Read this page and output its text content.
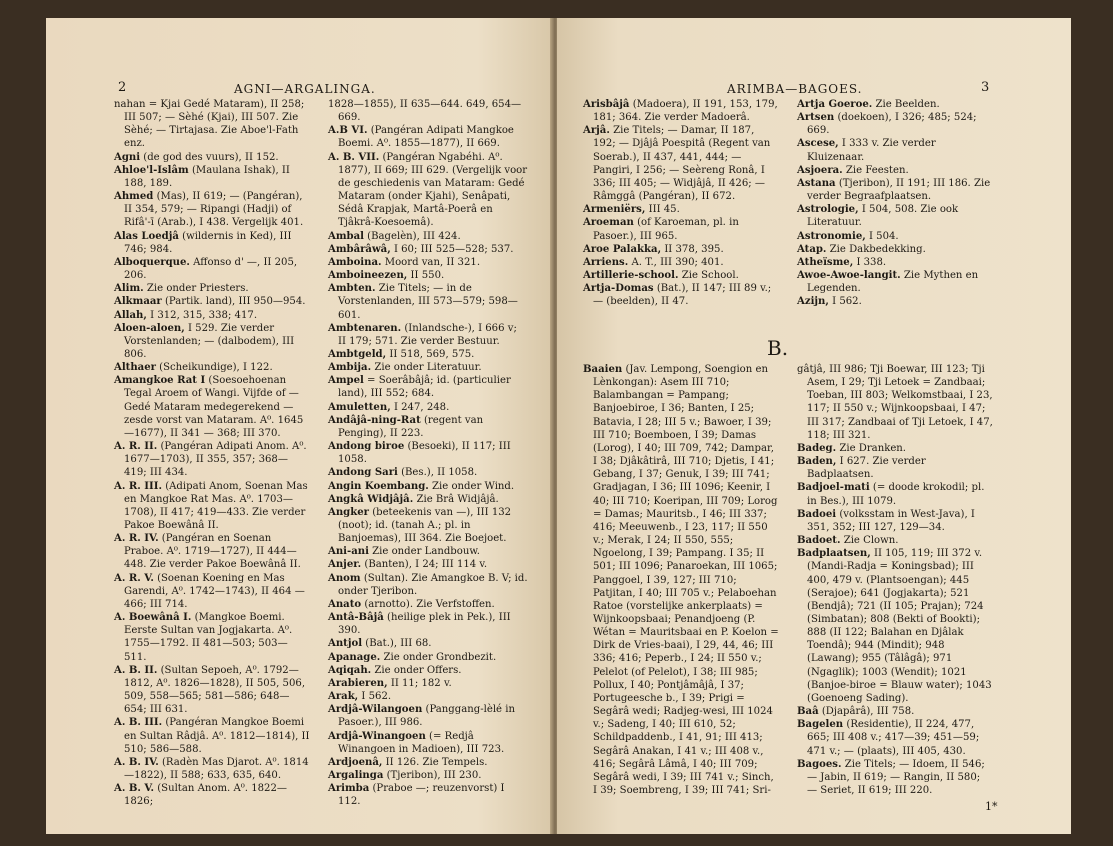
2	AGNI—ARGALINGA.

nahan = Kjai Gedé Mataram), II 258; III 507; — Sèhé (Kjai), III 507. Zie Sèhé; — Tirtajasa. Zie Aboe'l-Fath enz.

Agni (de god des vuurs), II 152.

Ahloe'l-Islâm (Maulana Ishak), II 188, 189.

Ahmed (Mas), II 619; — (Pangéran), II 354, 579; — Ripangi (Hadji) of Rifâ'-ī (Arab.), I 438. Vergelijk 401.

Alas Loedjâ (wildernis in Ked), III 746; 984.

Alboquerque. Affonso d' —, II 205, 206.

Alim. Zie onder Priesters.

Alkmaar (Partik. land), III 950—954.

Allah, I 312, 315, 338; 417.

Aloen-aloen, I 529. Zie verder Vorstenlanden; — (dalbodem), III 806.

Althaer (Scheikundige), I 122.

Amangkoe Rat I (Soesoehoenan Tegal Aroem of Wangi. Vijfde of — Gedé Mataram medegerekend — zesde vorst van Mataram. A⁰. 1645—1677), II 341 — 368; III 370.

A. R. II. (Pangéran Adipati Anom. A⁰. 1677—1703), II 355, 357; 368—419; III 434.

A. R. III. (Adipati Anom, Soenan Mas en Mangkoe Rat Mas. A⁰. 1703—1708), II 417; 419—433. Zie verder Pakoe Boewânâ II.

A. R. IV. (Pangéran en Soenan Praboe. A⁰. 1719—1727), II 444—448. Zie verder Pakoe Boewânâ II.

A. R. V. (Soenan Koening en Mas Garendi, A⁰. 1742—1743), II 464 — 466; III 714.

A. Boewânâ I. (Mangkoe Boemi. Eerste Sultan van Jogjakarta. A⁰. 1755—1792. II 481—503; 503—511.

A. B. II. (Sultan Sepoeh, A⁰. 1792—1812, A⁰. 1826—1828), II 505, 506, 509, 558—565; 581—586; 648—654; III 631.

A. B. III. (Pangéran Mangkoe Boemi en Sultan Râdjâ. A⁰. 1812—1814), II 510; 586—588.

A. B. IV. (Radèn Mas Djarot. A⁰. 1814—1822), II 588; 633, 635, 640.

A. B. V. (Sultan Anom. A⁰. 1822—1826;

1828—1855), II 635—644. 649, 654—669.

A.B VI. (Pangéran Adipati Mangkoe Boemi. A⁰. 1855—1877), II 669.

A. B. VII. (Pangéran Ngabéhi. A⁰. 1877), II 669; III 629. (Vergelijk voor de geschiedenis van Mataram: Gedé Mataram (onder Kjahi), Senâpati, Sédâ Krapjak, Martâ-Poerâ en Tjâkrâ-Koesoemâ).

Ambal (Bagelèn), III 424.

Ambârâwâ, I 60; III 525—528; 537.

Amboina. Moord van, II 321.

Amboineezen, II 550.

Ambten. Zie Titels; — in de Vorstenlanden, III 573—579; 598—601.

Ambtenaren. (Inlandsche-), I 666 v; II 179; 571. Zie verder Bestuur.

Ambtgeld, II 518, 569, 575.

Ambija. Zie onder Literatuur.

Ampel = Soerâbâjâ; id. (particulier land), III 552; 684.

Amuletten, I 247, 248.

Andâjâ-ning-Rat (regent van Penging), II 223.

Andong biroe (Besoeki), II 117; III 1058.

Andong Sari (Bes.), II 1058.

Angin Koembang. Zie onder Wind.

Angkâ Widjâjâ. Zie Brâ Widjâjâ.

Angker (beteekenis van —), III 132 (noot); id. (tanah A.; pl. in Banjoemas), III 364. Zie Boejoet.

Ani-ani Zie onder Landbouw.

Anjer. (Banten), I 24; III 114 v.

Anom (Sultan). Zie Amangkoe B. V; id. onder Tjeribon.

Anato (arnotto). Zie Verfstoffen.

Antâ-Bâjâ (heilige plek in Pek.), III 390.

Antjol (Bat.), III 68.

Apanage. Zie onder Grondbezit.

Aqiqah. Zie onder Offers.

Arabieren, II 11; 182 v.

Arak, I 562.

Ardjâ-Wilangoen (Panggang-lèlé in Pasoer.), III 986.

Ardjâ-Winangoen (= Redjâ Winangoen in Madioen), III 723.

Ardjoenâ, II 126. Zie Tempels.

Argalinga (Tjeribon), III 230.

Arimba (Praboe —; reuzenvorst) I 112.

ARIMBA—BAGOES.	3

Arisbâjâ (Madoera), II 191, 153, 179, 181; 364. Zie verder Madoerâ.

Arjâ. Zie Titels; — Damar, II 187, 192; — Djâjâ Poespitâ (Regent van Soerab.), II 437, 441, 444; — Pangiri, I 256; — Seèreng Ronâ, I 336; III 405; — Widjâjâ, II 426; — Râmggâ (Pangéran), II 672.

Armeniërs, III 45.

Aroeman (of Karoeman, pl. in Pasoer.), III 965.

Aroe Palakka, II 378, 395.

Arriens. A. T., III 390; 401.

Artillerie-school. Zie School.

Artja-Domas (Bat.), II 147; III 89 v.; — (beelden), II 47.

Artja Goeroe. Zie Beelden.

Artsen (doekoen), I 326; 485; 524; 669.

Ascese, I 333 v. Zie verder Kluizenaar.

Asjoera. Zie Feesten.

Astana (Tjeribon), II 191; III 186. Zie verder Begraafplaatsen.

Astrologie, I 504, 508. Zie ook Literatuur.

Astronomie, I 504.

Atap. Zie Dakbedekking.

Atheïsme, I 338.

Awoe-Awoe-langit. Zie Mythen en Legenden.

Azijn, I 562.

B.

Baaien (Jav. Lempong, Soengion en Lènkongan): Asem III 710; Balambangan = Pampang; Banjoebiroe, I 36; Banten, I 25; Batavia, I 28; III 5 v.; Bawoer, I 39; III 710; Boemboen, I 39; Damas (Lorog), I 40; III 709, 742; Dampar, I 38; Djâkâtirâ, III 710; Djetis, I 41; Gebang, I 37; Genuk, I 39; III 741; Gradjagan, I 36; III 1096; Keenir, I 40; III 710; Koeripan, III 709; Lorog = Damas; Mauritsb., I 46; III 337; 416; Meeuwenb., I 23, 117; II 550 v.; Merak, I 24; II 550, 555; Ngoelong, I 39; Pampang. I 35; II 501; III 1096; Panaroekan, III 1065; Panggoel, I 39, 127; III 710; Patjitan, I 40; III 705 v.; Pelaboehan Ratoe (vorstelijke ankerplaats) = Wijnkoopsbaai; Penandjoeng (P. Wétan = Mauritsbaai en P. Koelon = Dirk de Vries-baai), I 29, 44, 46; III 336; 416; Peperb., I 24; II 550 v.; Pelelot (of Pelelot), I 38; III 985; Pollux, I 40; Pontjâmâjâ, I 37; Portugeesche b., I 39; Prigi = Segârâ wedi; Radjeg-wesi, III 1024 v.; Sadeng, I 40; III 610, 52; Schildpaddenb., I 41, 91; III 413; Segârâ Anakan, I 41 v.; III 408 v., 416; Segârâ Lâmâ, I 40; III 709; Segârâ wedi, I 39; III 741 v.; Sinch, I 39; Soembreng, I 39; III 741; Sri-

gâtjâ, III 986; Tji Boewar, III 123; Tji Asem, I 29; Tji Letoek = Zandbaai; Toeban, III 803; Welkomstbaai, I 23, 117; II 550 v.; Wijnkoopsbaai, I 47; III 317; Zandbaai of Tji Letoek, I 47, 118; III 321.

Badeg. Zie Dranken.

Baden, I 627. Zie verder Badplaatsen.

Badjoel-mati (= doode krokodil; pl. in Bes.), III 1079.

Badoei (volksstam in West-Java), I 351, 352; III 127, 129—34.

Badoet. Zie Clown.

Badplaatsen, II 105, 119; III 372 v. (Mandi-Radja = Koningsbad); III 400, 479 v. (Plantsoengan); 445 (Serajoe); 641 (Jogjakarta); 521 (Bendjâ); 721 (II 105; Prajan); 724 (Simbatan); 808 (Bekti of Bookti); 888 (II 122; Balahan en Djâlak Toendâ); 944 (Mindit); 948 (Lawang); 955 (Tâlâgâ); 971 (Ngaglik); 1003 (Wendit); 1021 (Banjoe-biroe = Blauw water); 1043 (Goenoeng Sading).

Baâ (Djapârâ), III 758.

Bagelen (Residentie), II 224, 477, 665; III 408 v.; 417—39; 451—59; 471 v.; — (plaats), III 405, 430.

Bagoes. Zie Titels; — Idoem, II 546; — Jabin, II 619; — Rangin, II 580; — Seriet, II 619; III 220.

1*
